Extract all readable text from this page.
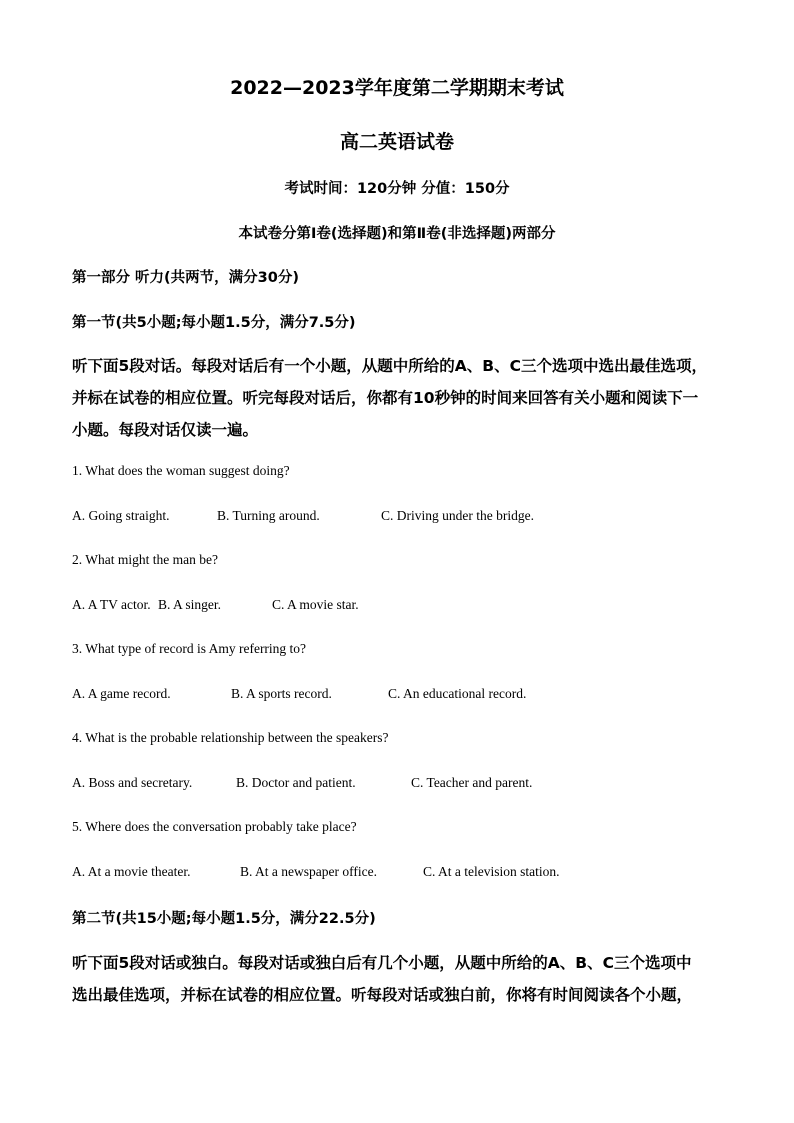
2022—2023学年度第二学期期末考试
高二英语试卷
考试时间：120分钟 分值：150分
本试卷分第Ⅰ卷(选择题)和第Ⅱ卷(非选择题)两部分
第一部分 听力(共两节，满分30分)
第一节(共5小题;每小题1.5分，满分7.5分)
听下面5段对话。每段对话后有一个小题，从题中所给的A、B、C三个选项中选出最佳选项，
并标在试卷的相应位置。听完每段对话后，你都有10秒钟的时间来回答有关小题和阅读下一
小题。每段对话仅读一遍。
1. What does the woman suggest doing?
A. Going straight.	B. Turning around.	C. Driving under the bridge.
2. What might the man be?
A. A TV actor. B. A singer.	C. A movie star.
3. What type of record is Amy referring to?
A. A game record.	B. A sports record.	C. An educational record.
4. What is the probable relationship between the speakers?
A. Boss and secretary.	B. Doctor and patient.	C. Teacher and parent.
5. Where does the conversation probably take place?
A. At a movie theater.	B. At a newspaper office.	C. At a television station.
第二节(共15小题;每小题1.5分，满分22.5分)
听下面5段对话或独白。每段对话或独白后有几个小题，从题中所给的A、B、C三个选项中
选出最佳选项，并标在试卷的相应位置。听每段对话或独白前，你将有时间阅读各个小题，
